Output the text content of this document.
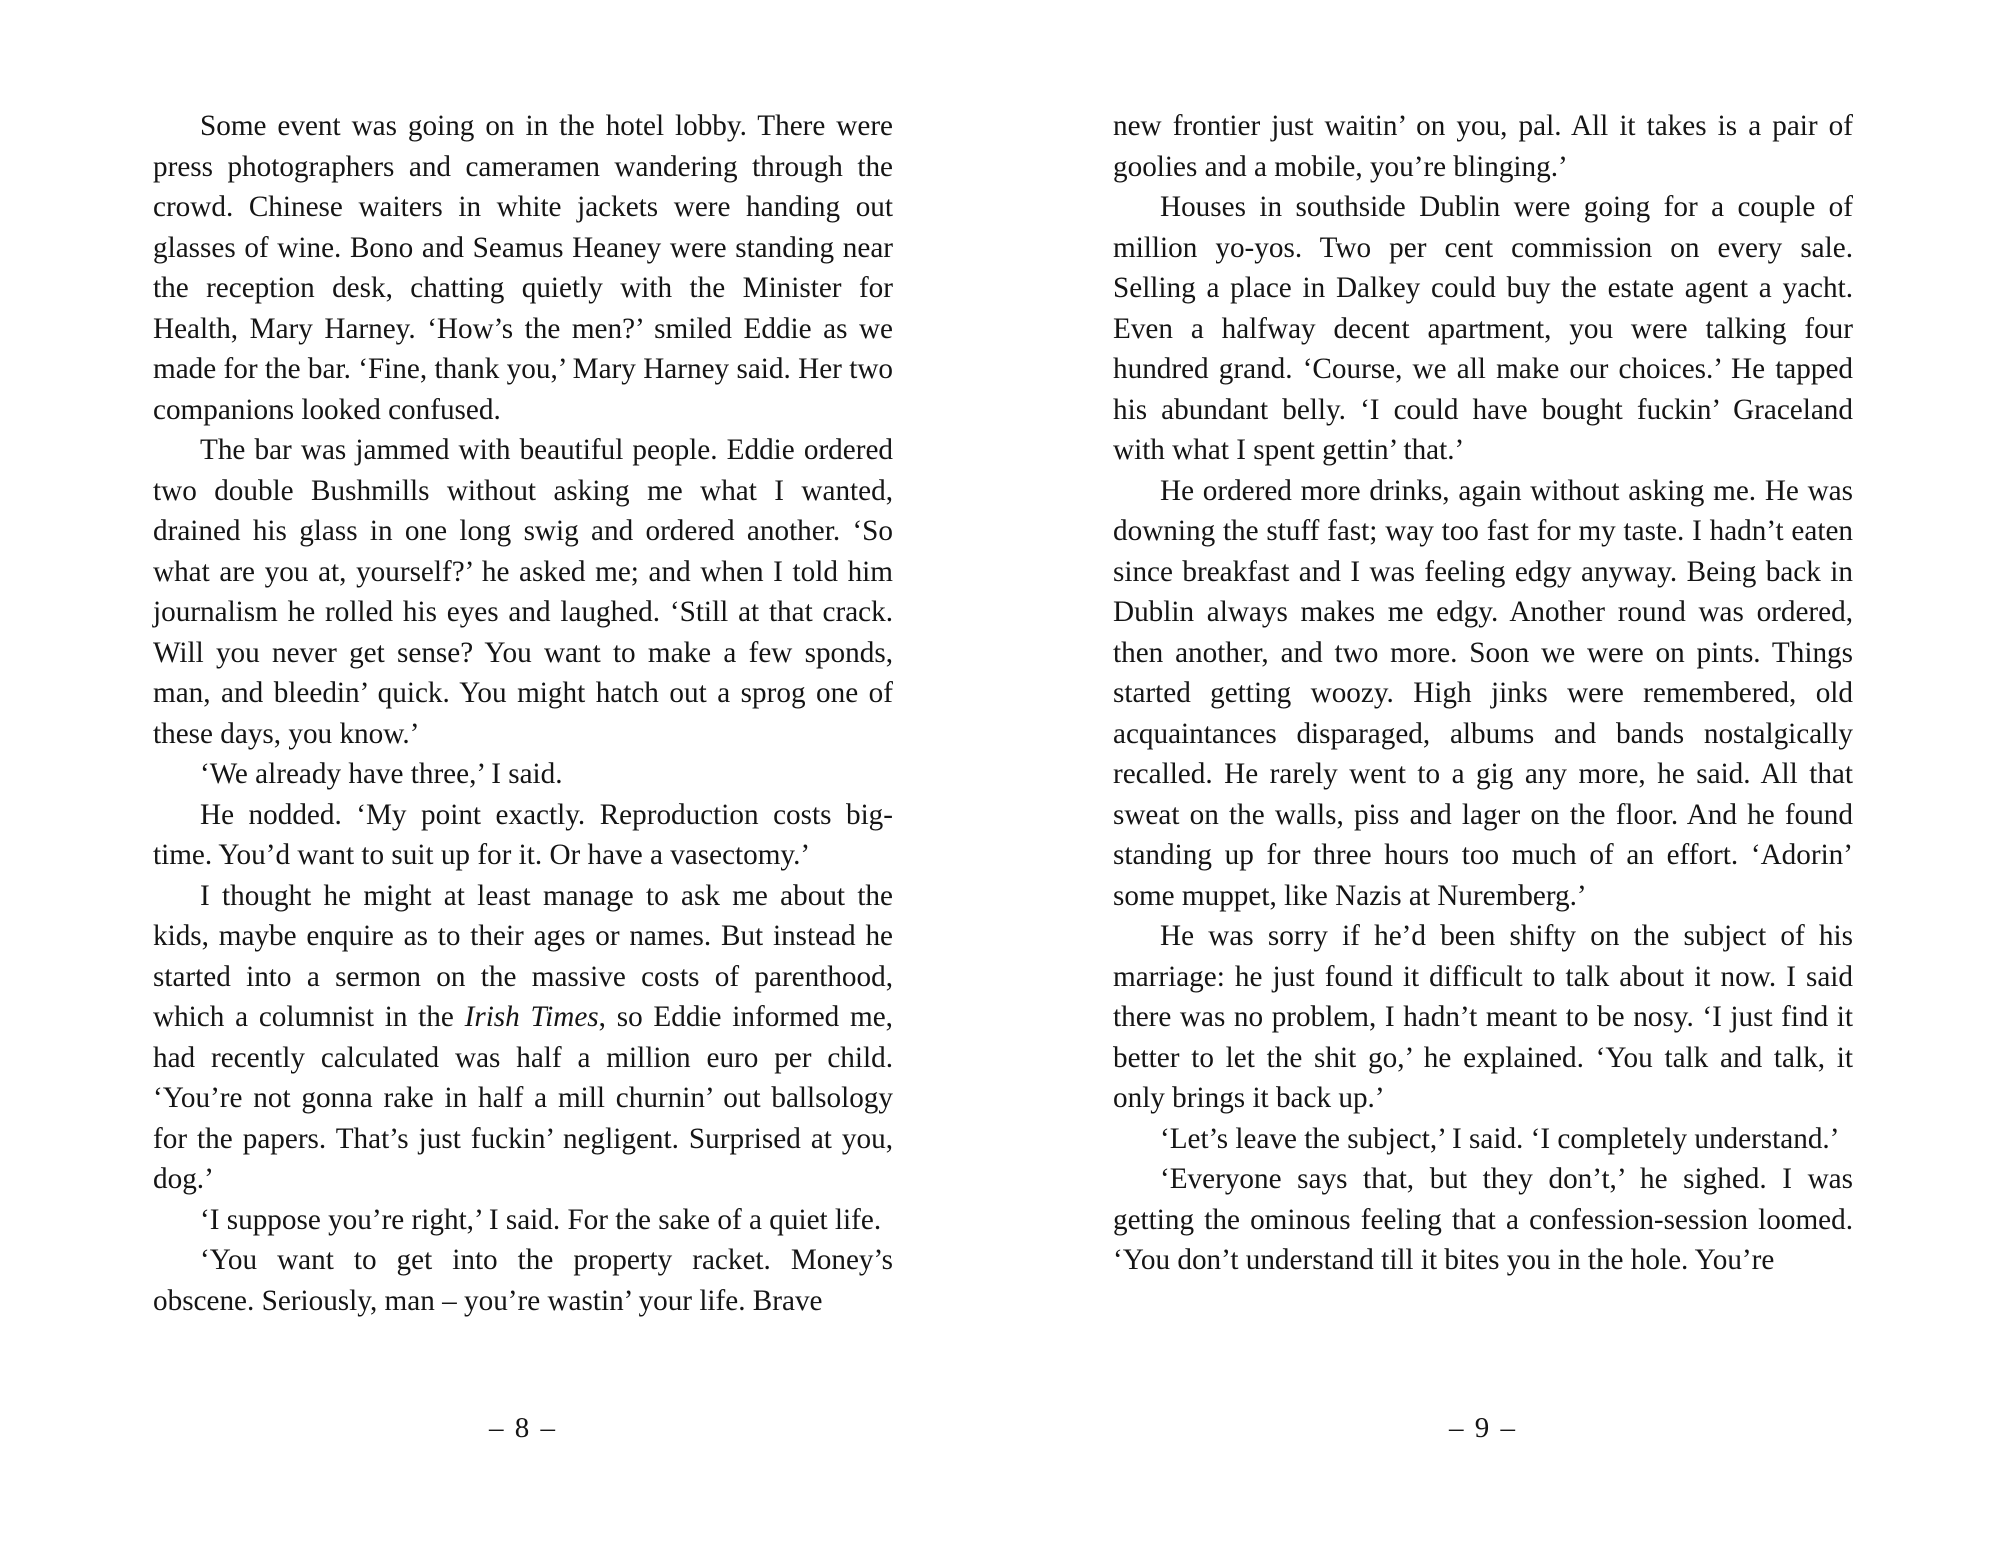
Some event was going on in the hotel lobby. There were press photographers and cameramen wandering through the crowd. Chinese waiters in white jackets were handing out glasses of wine. Bono and Seamus Heaney were standing near the reception desk, chatting quietly with the Minister for Health, Mary Harney. ‘How’s the men?’ smiled Eddie as we made for the bar. ‘Fine, thank you,’ Mary Harney said. Her two companions looked confused.

The bar was jammed with beautiful people. Eddie ordered two double Bushmills without asking me what I wanted, drained his glass in one long swig and ordered another. ‘So what are you at, yourself?’ he asked me; and when I told him journalism he rolled his eyes and laughed. ‘Still at that crack. Will you never get sense? You want to make a few sponds, man, and bleedin’ quick. You might hatch out a sprog one of these days, you know.’

‘We already have three,’ I said.

He nodded. ‘My point exactly. Reproduction costs big-time. You’d want to suit up for it. Or have a vasectomy.’

I thought he might at least manage to ask me about the kids, maybe enquire as to their ages or names. But instead he started into a sermon on the massive costs of parenthood, which a columnist in the Irish Times, so Eddie informed me, had recently calculated was half a million euro per child. ‘You’re not gonna rake in half a mill churnin’ out ballsology for the papers. That’s just fuckin’ negligent. Surprised at you, dog.’

‘I suppose you’re right,’ I said. For the sake of a quiet life.

‘You want to get into the property racket. Money’s obscene. Seriously, man – you’re wastin’ your life. Brave

– 8 –

new frontier just waitin’ on you, pal. All it takes is a pair of goolies and a mobile, you’re blinging.’

Houses in southside Dublin were going for a couple of million yo-yos. Two per cent commission on every sale. Selling a place in Dalkey could buy the estate agent a yacht. Even a halfway decent apartment, you were talking four hundred grand. ‘Course, we all make our choices.’ He tapped his abundant belly. ‘I could have bought fuckin’ Graceland with what I spent gettin’ that.’

He ordered more drinks, again without asking me. He was downing the stuff fast; way too fast for my taste. I hadn’t eaten since breakfast and I was feeling edgy anyway. Being back in Dublin always makes me edgy. Another round was ordered, then another, and two more. Soon we were on pints. Things started getting woozy. High jinks were remembered, old acquaintances disparaged, albums and bands nostalgically recalled. He rarely went to a gig any more, he said. All that sweat on the walls, piss and lager on the floor. And he found standing up for three hours too much of an effort. ‘Adorin’ some muppet, like Nazis at Nuremberg.’

He was sorry if he’d been shifty on the subject of his marriage: he just found it difficult to talk about it now. I said there was no problem, I hadn’t meant to be nosy. ‘I just find it better to let the shit go,’ he explained. ‘You talk and talk, it only brings it back up.’

‘Let’s leave the subject,’ I said. ‘I completely understand.’

‘Everyone says that, but they don’t,’ he sighed. I was getting the ominous feeling that a confession-session loomed. ‘You don’t understand till it bites you in the hole. You’re

– 9 –
